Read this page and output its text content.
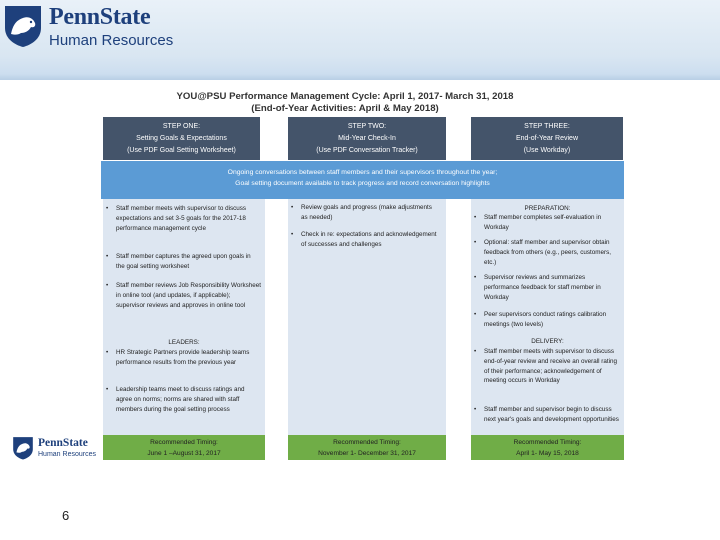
PennState
Human Resources
YOU@PSU Performance Management Cycle: April 1, 2017- March 31, 2018
(End-of-Year Activities: April & May 2018)
STEP ONE:
Setting Goals & Expectations
(Use PDF Goal Setting Worksheet)
STEP TWO:
Mid-Year Check-In
(Use PDF Conversation Tracker)
STEP THREE:
End-of-Year Review
(Use Workday)
Ongoing conversations between staff members and their supervisors throughout the year;
Goal setting document available to track progress and record conversation highlights
• Staff member meets with supervisor to discuss expectations and set 3-5 goals for the 2017-18 performance management cycle
• Staff member captures the agreed upon goals in the goal setting worksheet
• Staff member reviews Job Responsibility Worksheet in online tool (and updates, if applicable); supervisor reviews and approves in online tool
LEADERS:
• HR Strategic Partners provide leadership teams performance results from the previous year
• Leadership teams meet to discuss ratings and agree on norms; norms are shared with staff members during the goal setting process
• Review goals and progress (make adjustments as needed)
• Check in re: expectations and acknowledgement of successes and challenges
PREPARATION:
• Staff member completes self-evaluation in Workday
• Optional: staff member and supervisor obtain feedback from others (e.g., peers, customers, etc.)
• Supervisor reviews and summarizes performance feedback for staff member in Workday
• Peer supervisors conduct ratings calibration meetings (two levels)
DELIVERY:
• Staff member meets with supervisor to discuss end-of-year review and receive an overall rating of their performance; acknowledgement of meeting occurs in Workday
• Staff member and supervisor begin to discuss next year's goals and development opportunities
Recommended Timing:
June 1 –August 31, 2017
Recommended Timing:
November 1- December 31, 2017
Recommended Timing:
April 1- May 15, 2018
PennState
Human Resources
6
